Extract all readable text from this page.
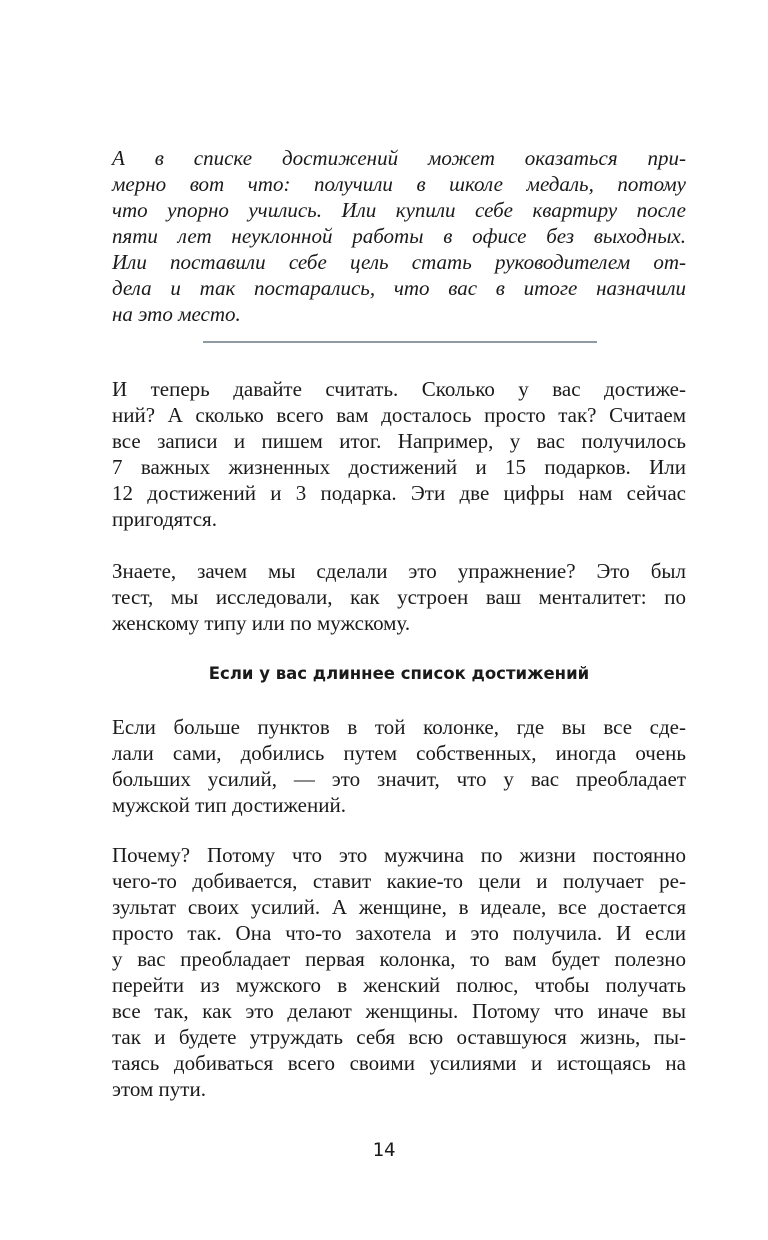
А в списке достижений может оказаться при-
мерно вот что: получили в школе медаль, потому
что упорно учились. Или купили себе квартиру после
пяти лет неуклонной работы в офисе без выходных.
Или поставили себе цель стать руководителем от-
дела и так постарались, что вас в итоге назначили
на это место.
И теперь давайте считать. Сколько у вас достиже-
ний? А сколько всего вам досталось просто так? Считаем
все записи и пишем итог. Например, у вас получилось
7 важных жизненных достижений и 15 подарков. Или
12 достижений и 3 подарка. Эти две цифры нам сейчас
пригодятся.
Знаете, зачем мы сделали это упражнение? Это был
тест, мы исследовали, как устроен ваш менталитет: по
женскому типу или по мужскому.
Если у вас длиннее список достижений
Если больше пунктов в той колонке, где вы все сде-
лали сами, добились путем собственных, иногда очень
больших усилий, — это значит, что у вас преобладает
мужской тип достижений.
Почему? Потому что это мужчина по жизни постоянно
чего-то добивается, ставит какие-то цели и получает ре-
зультат своих усилий. А женщине, в идеале, все достается
просто так. Она что-то захотела и это получила. И если
у вас преобладает первая колонка, то вам будет полезно
перейти из мужского в женский полюс, чтобы получать
все так, как это делают женщины. Потому что иначе вы
так и будете утруждать себя всю оставшуюся жизнь, пы-
таясь добиваться всего своими усилиями и истощаясь на
этом пути.
14
